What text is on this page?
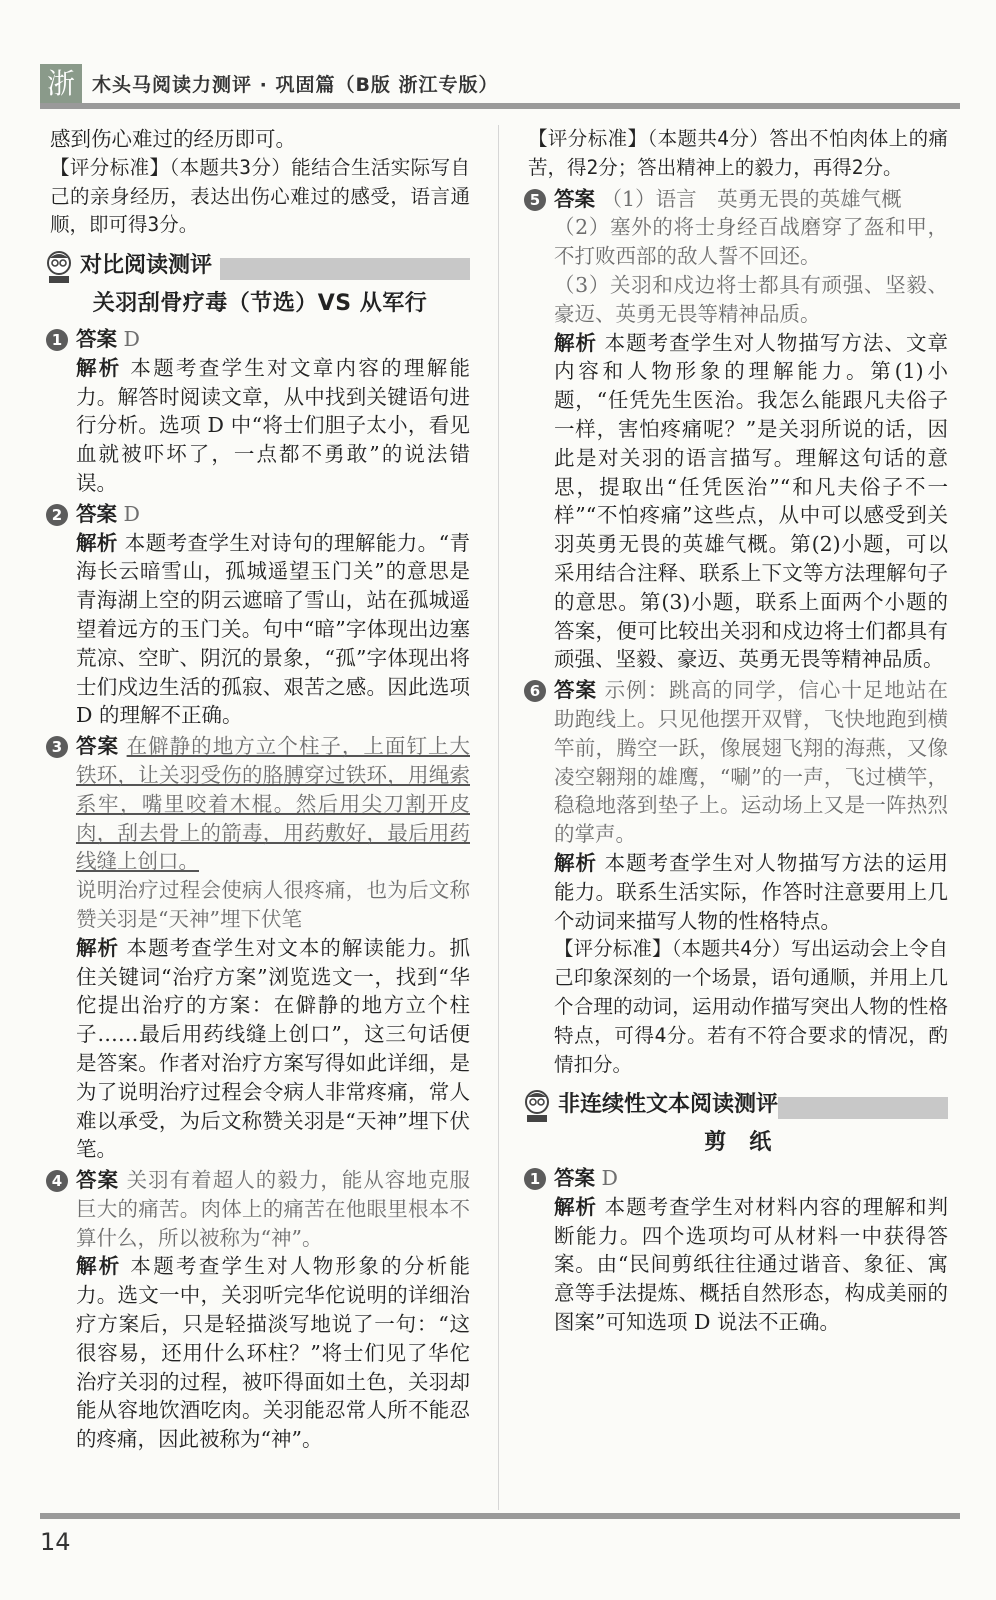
浙 木头马阅读力测评 · 巩固篇（B版 浙江专版）

感到伤心难过的经历即可。

【评分标准】（本题共3分）能结合生活实际写自己的亲身经历，表达出伤心难过的感受，语言通顺，即可得3分。

对比阅读测评
关羽刮骨疗毒（节选）VS 从军行
1 答案 D

解析 本题考查学生对文章内容的理解能力。解答时阅读文章，从中找到关键语句进行分析。选项 D 中“将士们胆子太小，看见血就被吓坏了，一点都不勇敢”的说法错误。

2 答案 D

解析 本题考查学生对诗句的理解能力。“青海长云暗雪山，孤城遥望玉门关”的意思是青海湖上空的阴云遮暗了雪山，站在孤城遥望着远方的玉门关。句中“暗”字体现出边塞荒凉、空旷、阴沉的景象，“孤”字体现出将士们戍边生活的孤寂、艰苦之感。因此选项 D 的理解不正确。

3 答案 在僻静的地方立个柱子，上面钉上大铁环，让关羽受伤的胳膊穿过铁环，用绳索系牢，嘴里咬着木棍。然后用尖刀割开皮肉，刮去骨上的箭毒，用药敷好，最后用药线缝上创口。

说明治疗过程会使病人很疼痛，也为后文称赞关羽是“天神”埋下伏笔

解析 本题考查学生对文本的解读能力。抓住关键词“治疗方案”浏览选文一，找到“华佗提出治疗的方案：在僻静的地方立个柱子……最后用药线缝上创口”，这三句话便是答案。作者对治疗方案写得如此详细，是为了说明治疗过程会令病人非常疼痛，常人难以承受，为后文称赞关羽是“天神”埋下伏笔。

4 答案 关羽有着超人的毅力，能从容地克服巨大的痛苦。肉体上的痛苦在他眼里根本不算什么，所以被称为“神”。

解析 本题考查学生对人物形象的分析能力。选文一中，关羽听完华佗说明的详细治疗方案后，只是轻描淡写地说了一句：“这很容易，还用什么环柱？”将士们见了华佗治疗关羽的过程，被吓得面如土色，关羽却能从容地饮酒吃肉。关羽能忍常人所不能忍的疼痛，因此被称为“神”。

【评分标准】（本题共4分）答出不怕肉体上的痛苦，得2分；答出精神上的毅力，再得2分。

5 答案 （1）语言　英勇无畏的英雄气概

（2）塞外的将士身经百战磨穿了盔和甲，不打败西部的敌人誓不回还。

（3）关羽和戍边将士都具有顽强、坚毅、豪迈、英勇无畏等精神品质。

解析 本题考查学生对人物描写方法、文章内容和人物形象的理解能力。第(1)小题，“任凭先生医治。我怎么能跟凡夫俗子一样，害怕疼痛呢？”是关羽所说的话，因此是对关羽的语言描写。理解这句话的意思，提取出“任凭医治”“和凡夫俗子不一样”“不怕疼痛”这些点，从中可以感受到关羽英勇无畏的英雄气概。第(2)小题，可以采用结合注释、联系上下文等方法理解句子的意思。第(3)小题，联系上面两个小题的答案，便可比较出关羽和戍边将士们都具有顽强、坚毅、豪迈、英勇无畏等精神品质。

6 答案 示例：跳高的同学，信心十足地站在助跑线上。只见他摆开双臂，飞快地跑到横竿前，腾空一跃，像展翅飞翔的海燕，又像凌空翱翔的雄鹰，“唰”的一声，飞过横竿，稳稳地落到垫子上。运动场上又是一阵热烈的掌声。

解析 本题考查学生对人物描写方法的运用能力。联系生活实际，作答时注意要用上几个动词来描写人物的性格特点。

【评分标准】（本题共4分）写出运动会上令自己印象深刻的一个场景，语句通顺，并用上几个合理的动词，运用动作描写突出人物的性格特点，可得4分。若有不符合要求的情况，酌情扣分。

非连续性文本阅读测评
剪　纸
1 答案 D

解析 本题考查学生对材料内容的理解和判断能力。四个选项均可从材料一中获得答案。由“民间剪纸往往通过谐音、象征、寓意等手法提炼、概括自然形态，构成美丽的图案”可知选项 D 说法不正确。

14
